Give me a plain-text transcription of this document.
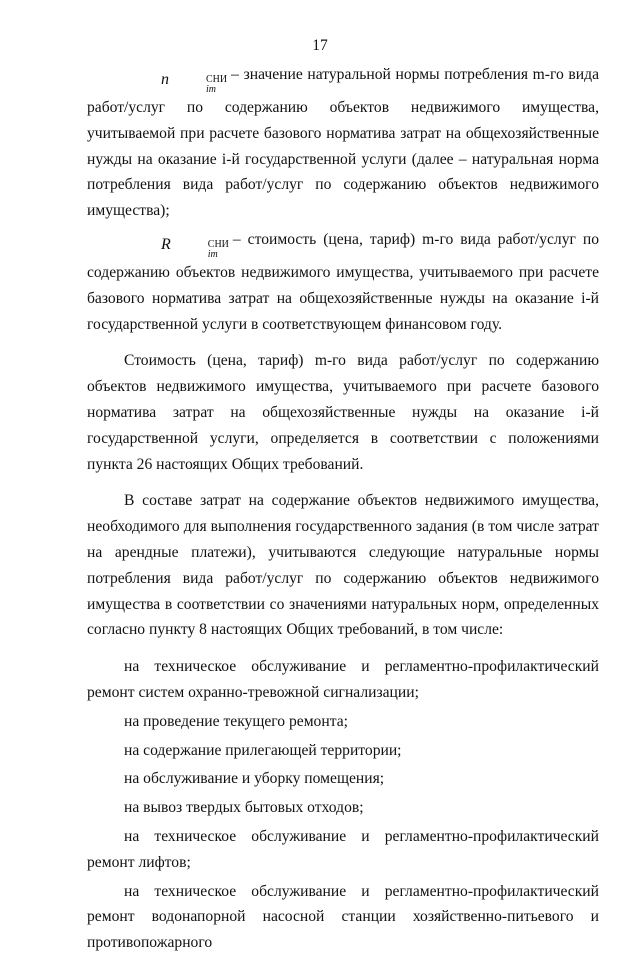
17

n	СНИ
im
– значение натуральной нормы потребления m-го вида работ/услуг по содержанию объектов недвижимого имущества, учитываемой при расчете базового норматива затрат на общехозяйственные нужды на оказание i-й государственной услуги (далее – натуральная норма потребления вида работ/услуг по содержанию объектов недвижимого имущества);

R	СНИ
im
– стоимость (цена, тариф) m-го вида работ/услуг по содержанию объектов недвижимого имущества, учитываемого при расчете базового норматива затрат на общехозяйственные нужды на оказание i-й государственной услуги в соответствующем финансовом году.

Стоимость (цена, тариф) m-го вида работ/услуг по содержанию объектов недвижимого имущества, учитываемого при расчете базового норматива затрат на общехозяйственные нужды на оказание i-й государственной услуги, определяется в соответствии с положениями пункта 26 настоящих Общих требований.

В составе затрат на содержание объектов недвижимого имущества, необходимого для выполнения государственного задания (в том числе затрат на арендные платежи), учитываются следующие натуральные нормы потребления вида работ/услуг по содержанию объектов недвижимого имущества в соответствии со значениями натуральных норм, определенных согласно пункту 8 настоящих Общих требований, в том числе:

на техническое обслуживание и регламентно-профилактический ремонт систем охранно-тревожной сигнализации;

на проведение текущего ремонта;

на содержание прилегающей территории;

на обслуживание и уборку помещения;

на вывоз твердых бытовых отходов;

на техническое обслуживание и регламентно-профилактический ремонт лифтов;

на техническое обслуживание и регламентно-профилактический ремонт водонапорной насосной станции хозяйственно-питьевого и противопожарного
